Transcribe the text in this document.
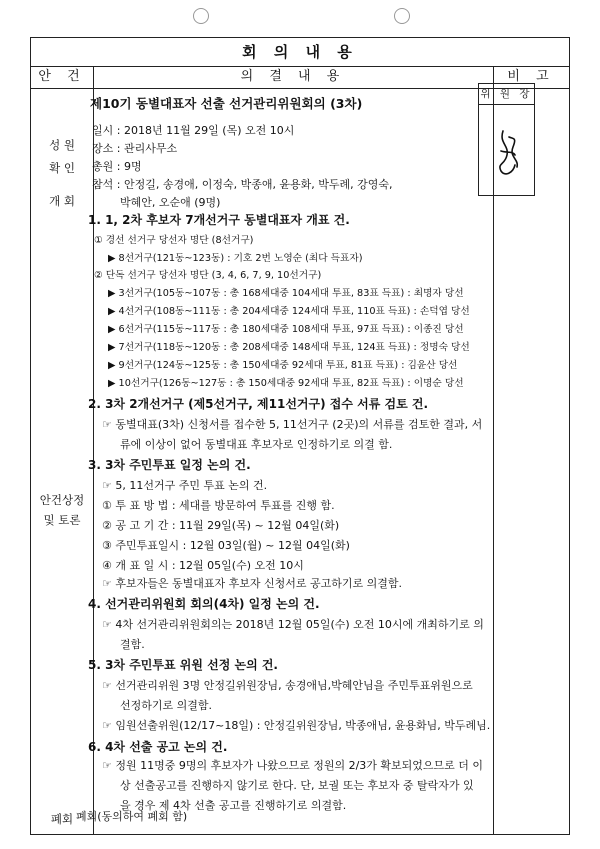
회 의 내 용
안 건	의 결 내 용	비 고
성 원
확 인
개 회
안건상정
및 토론
폐회
위 원 장
제10기 동별대표자 선출 선거관리위원회의 (3차)
일시 : 2018년 11월 29일 (목) 오전 10시
장소 : 관리사무소
총원 : 9명
참석 : 안정길, 송경애, 이정숙, 박종애, 윤용화, 박두례, 강영숙,
박혜안, 오순애 (9명)
1. 1, 2차 후보자 7개선거구 동별대표자 개표 건.
① 경선 선거구 당선자 명단 (8선거구)
▶ 8선거구(121동~123동) : 기호 2번 노영순 (최다 득표자)
② 단독 선거구 당선자 명단 (3, 4, 6, 7, 9, 10선거구)
▶ 3선거구(105동~107동 : 총 168세대중 104세대 투표, 83표 득표) : 최명자 당선
▶ 4선거구(108동~111동 : 총 204세대중 124세대 투표, 110표 득표) : 손덕엽 당선
▶ 6선거구(115동~117동 : 총 180세대중 108세대 투표, 97표 득표) : 이종진 당선
▶ 7선거구(118동~120동 : 총 208세대중 148세대 투표, 124표 득표) : 정명숙 당선
▶ 9선거구(124동~125동 : 총 150세대중 92세대 투표, 81표 득표) : 김윤산 당선
▶ 10선거구(126동~127동 : 총 150세대중 92세대 투표, 82표 득표) : 이명순 당선
2. 3차 2개선거구 (제5선거구, 제11선거구) 접수 서류 검토 건.
☞ 동별대표(3차) 신청서를 접수한 5, 11선거구 (2곳)의 서류를 검토한 결과, 서
류에 이상이 없어 동별대표 후보자로 인정하기로 의결 함.
3. 3차 주민투표 일정 논의 건.
☞ 5, 11선거구 주민 투표 논의 건.
① 투 표 방 법 : 세대를 방문하여 투표를 진행 함.
② 공 고 기 간 : 11월 29일(목) ~ 12월 04일(화)
③ 주민투표일시 : 12월 03일(월) ~ 12월 04일(화)
④ 개 표 일 시 : 12월 05일(수) 오전 10시
☞ 후보자들은 동별대표자 후보자 신청서로 공고하기로 의결함.
4. 선거관리위원회 회의(4차) 일정 논의 건.
☞ 4차 선거관리위원회의는 2018년 12월 05일(수) 오전 10시에 개최하기로 의
결함.
5. 3차 주민투표 위원 선정 논의 건.
☞ 선거관리위원 3명 안정길위원장님, 송경애님,박혜안님을 주민투표위원으로
선정하기로 의결함.
☞ 임원선출위원(12/17~18일) : 안정길위원장님, 박종애님, 윤용화님, 박두례님.
6. 4차 선출 공고 논의 건.
☞ 정원 11명중 9명의 후보자가 나왔으므로 정원의 2/3가 확보되었으므로 더 이
상 선출공고를 진행하지 않기로 한다. 단, 보궐 또는 후보자 중 탈락자가 있
을 경우 제 4차 선출 공고를 진행하기로 의결함.
폐회(동의하여 폐회 함)
